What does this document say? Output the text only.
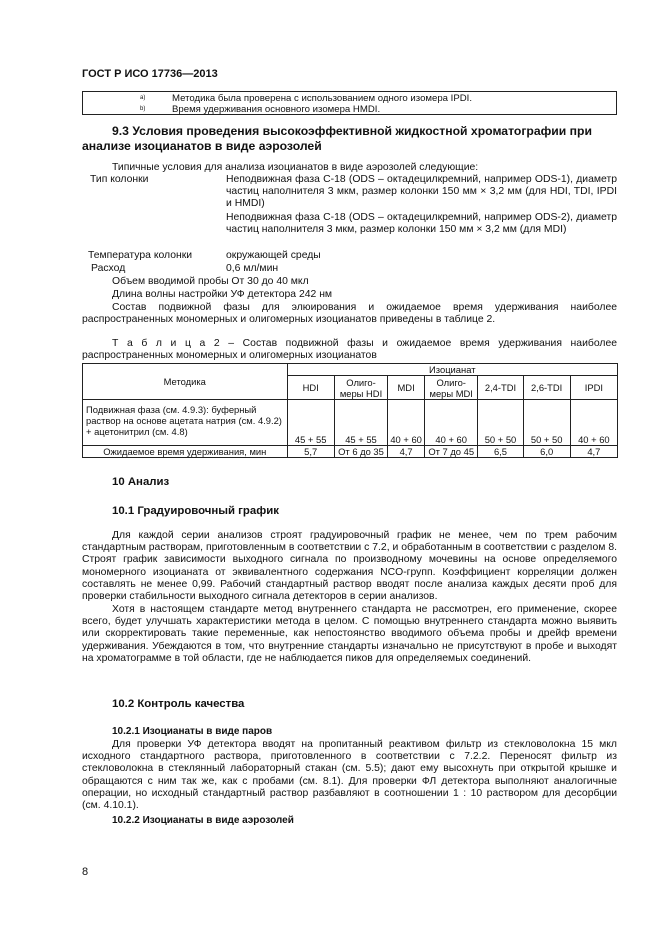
ГОСТ Р ИСО 17736—2013
a)	Методика была проверена с использованием одного изомера IPDI.
b)	Время удерживания основного изомера HMDI.
9.3 Условия проведения высокоэффективной жидкостной хроматографии при анализе изоцианатов в виде аэрозолей
Типичные условия для анализа изоцианатов в виде аэрозолей следующие:
Тип колонки	Неподвижная фаза С-18 (ODS – октадецилкремний, например ODS-1), диаметр частиц наполнителя 3 мкм, размер колонки 150 мм × 3,2 мм (для HDI, TDI, IPDI и HMDI)
Неподвижная фаза С-18 (ODS – октадецилкремний, например ODS-2), диаметр частиц наполнителя 3 мкм, размер колонки 150 мм × 3,2 мм (для MDI)
Температура колонки	окружающей среды
Расход	0,6 мл/мин
Объем вводимой пробы От 30 до 40 мкл
Длина волны настройки УФ детектора 242 нм
Состав подвижной фазы для элюирования и ожидаемое время удерживания наиболее распространенных мономерных и олигомерных изоцианатов приведены в таблице 2.
Т а б л и ц а 2 – Состав подвижной фазы и ожидаемое время удерживания наиболее распространенных мономерных и олигомерных изоцианатов
Методика	Изоцианат						
	HDI	Олиго-меры HDI	MDI	Олиго-меры MDI	2,4-TDI	2,6-TDI	IPDI
Подвижная фаза (см. 4.9.3): буферный раствор на основе ацетата натрия (см. 4.9.2) + ацетонитрил (см. 4.8)	45 + 55	45 + 55	40 + 60	40 + 60	50 + 50	50 + 50	40 + 60
Ожидаемое время удерживания, мин	5,7	От 6 до 35	4,7	От 7 до 45	6,5	6,0	4,7
10 Анализ
10.1 Градуировочный график
Для каждой серии анализов строят градуировочный график не менее, чем по трем рабочим стандартным растворам, приготовленным в соответствии с 7.2, и обработанным в соответствии с разделом 8. Строят график зависимости выходного сигнала по производному мочевины на основе определяемого мономерного изоцианата от эквивалентного содержания NCO-групп. Коэффициент корреляции должен составлять не менее 0,99. Рабочий стандартный раствор вводят после анализа каждых десяти проб для проверки стабильности выходного сигнала детекторов в серии анализов.
Хотя в настоящем стандарте метод внутреннего стандарта не рассмотрен, его применение, скорее всего, будет улучшать характеристики метода в целом. С помощью внутреннего стандарта можно выявить или скорректировать такие переменные, как непостоянство вводимого объема пробы и дрейф времени удерживания. Убеждаются в том, что внутренние стандарты изначально не присутствуют в пробе и выходят на хроматограмме в той области, где не наблюдается пиков для определяемых соединений.
10.2 Контроль качества
10.2.1 Изоцианаты в виде паров
Для проверки УФ детектора вводят на пропитанный реактивом фильтр из стекловолокна 15 мкл исходного стандартного раствора, приготовленного в соответствии с 7.2.2. Переносят фильтр из стекловолокна в стеклянный лабораторный стакан (см. 5.5); дают ему высохнуть при открытой крышке и обращаются с ним так же, как с пробами (см. 8.1). Для проверки ФЛ детектора выполняют аналогичные операции, но исходный стандартный раствор разбавляют в соотношении 1 : 10 раствором для десорбции (см. 4.10.1).
10.2.2 Изоцианаты в виде аэрозолей
8
